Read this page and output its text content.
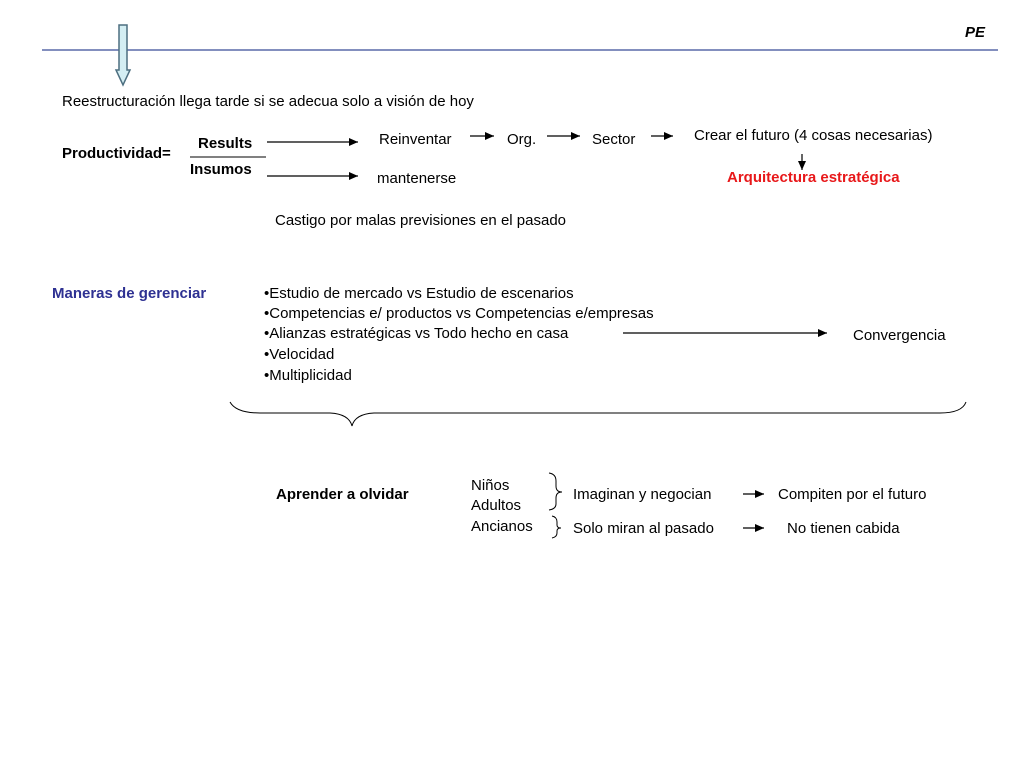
PE
Reestructuración llega tarde si se adecua solo a visión de hoy
Productividad=
Results
Insumos
Reinventar	Org.	Sector	Crear el futuro (4 cosas necesarias)
Arquitectura estratégica
mantenerse
Castigo por malas previsiones en el pasado
Maneras de gerenciar	•Estudio de mercado vs Estudio de escenarios
•Competencias e/ productos vs Competencias e/empresas
•Alianzas estratégicas vs Todo hecho en casa
•Velocidad
•Multiplicidad
Convergencia
Aprender a olvidar
Niños
Adultos
Ancianos
Imaginan y negocian	Compiten por el futuro
Solo miran al pasado	No tienen cabida
